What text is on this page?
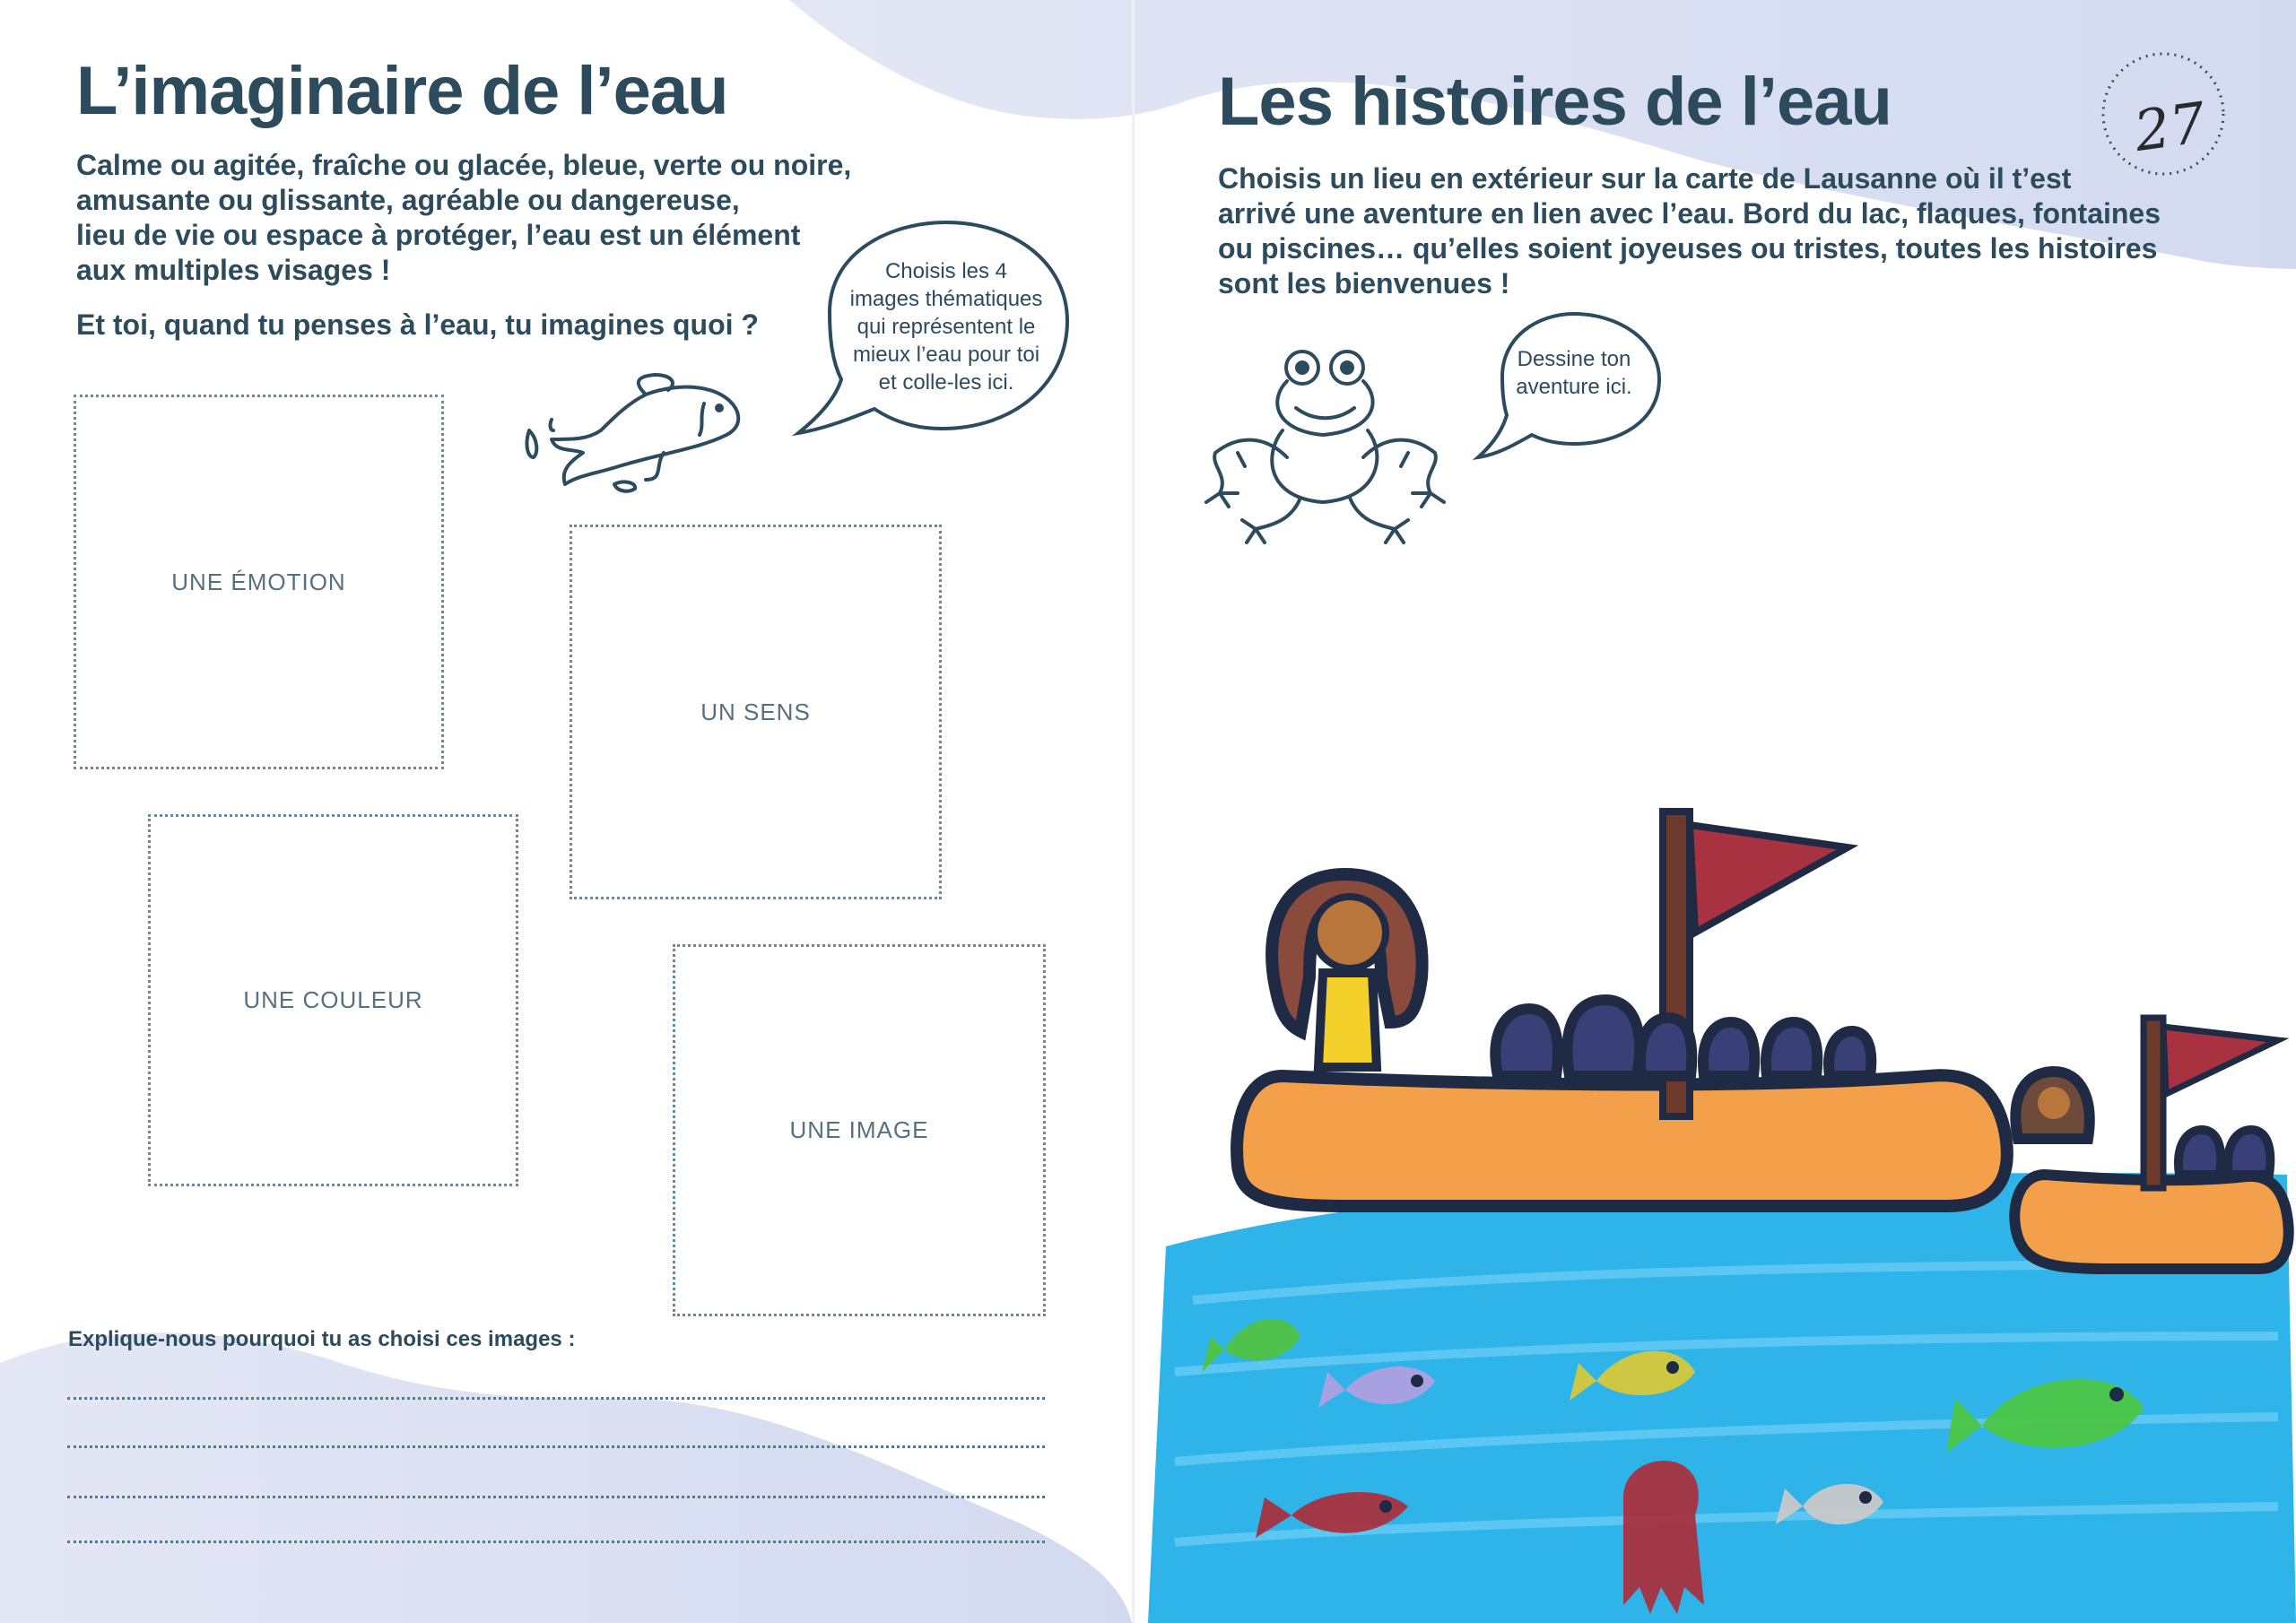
L’imaginaire de l’eau
Calme ou agitée, fraîche ou glacée, bleue, verte ou noire,
amusante ou glissante, agréable ou dangereuse,
lieu de vie ou espace à protéger, l’eau est un élément
aux multiples visages !
Et toi, quand tu penses à l’eau, tu imagines quoi ?
Choisis les 4
images thématiques
qui représentent le
mieux l’eau pour toi
et colle-les ici.
UNE ÉMOTION
UN SENS
UNE COULEUR
UNE IMAGE
Explique-nous pourquoi tu as choisi ces images :
Les histoires de l’eau	27
Choisis un lieu en extérieur sur la carte de Lausanne où il t’est
arrivé une aventure en lien avec l’eau. Bord du lac, flaques, fontaines
ou piscines… qu’elles soient joyeuses ou tristes, toutes les histoires
sont les bienvenues !
Dessine ton
aventure ici.
